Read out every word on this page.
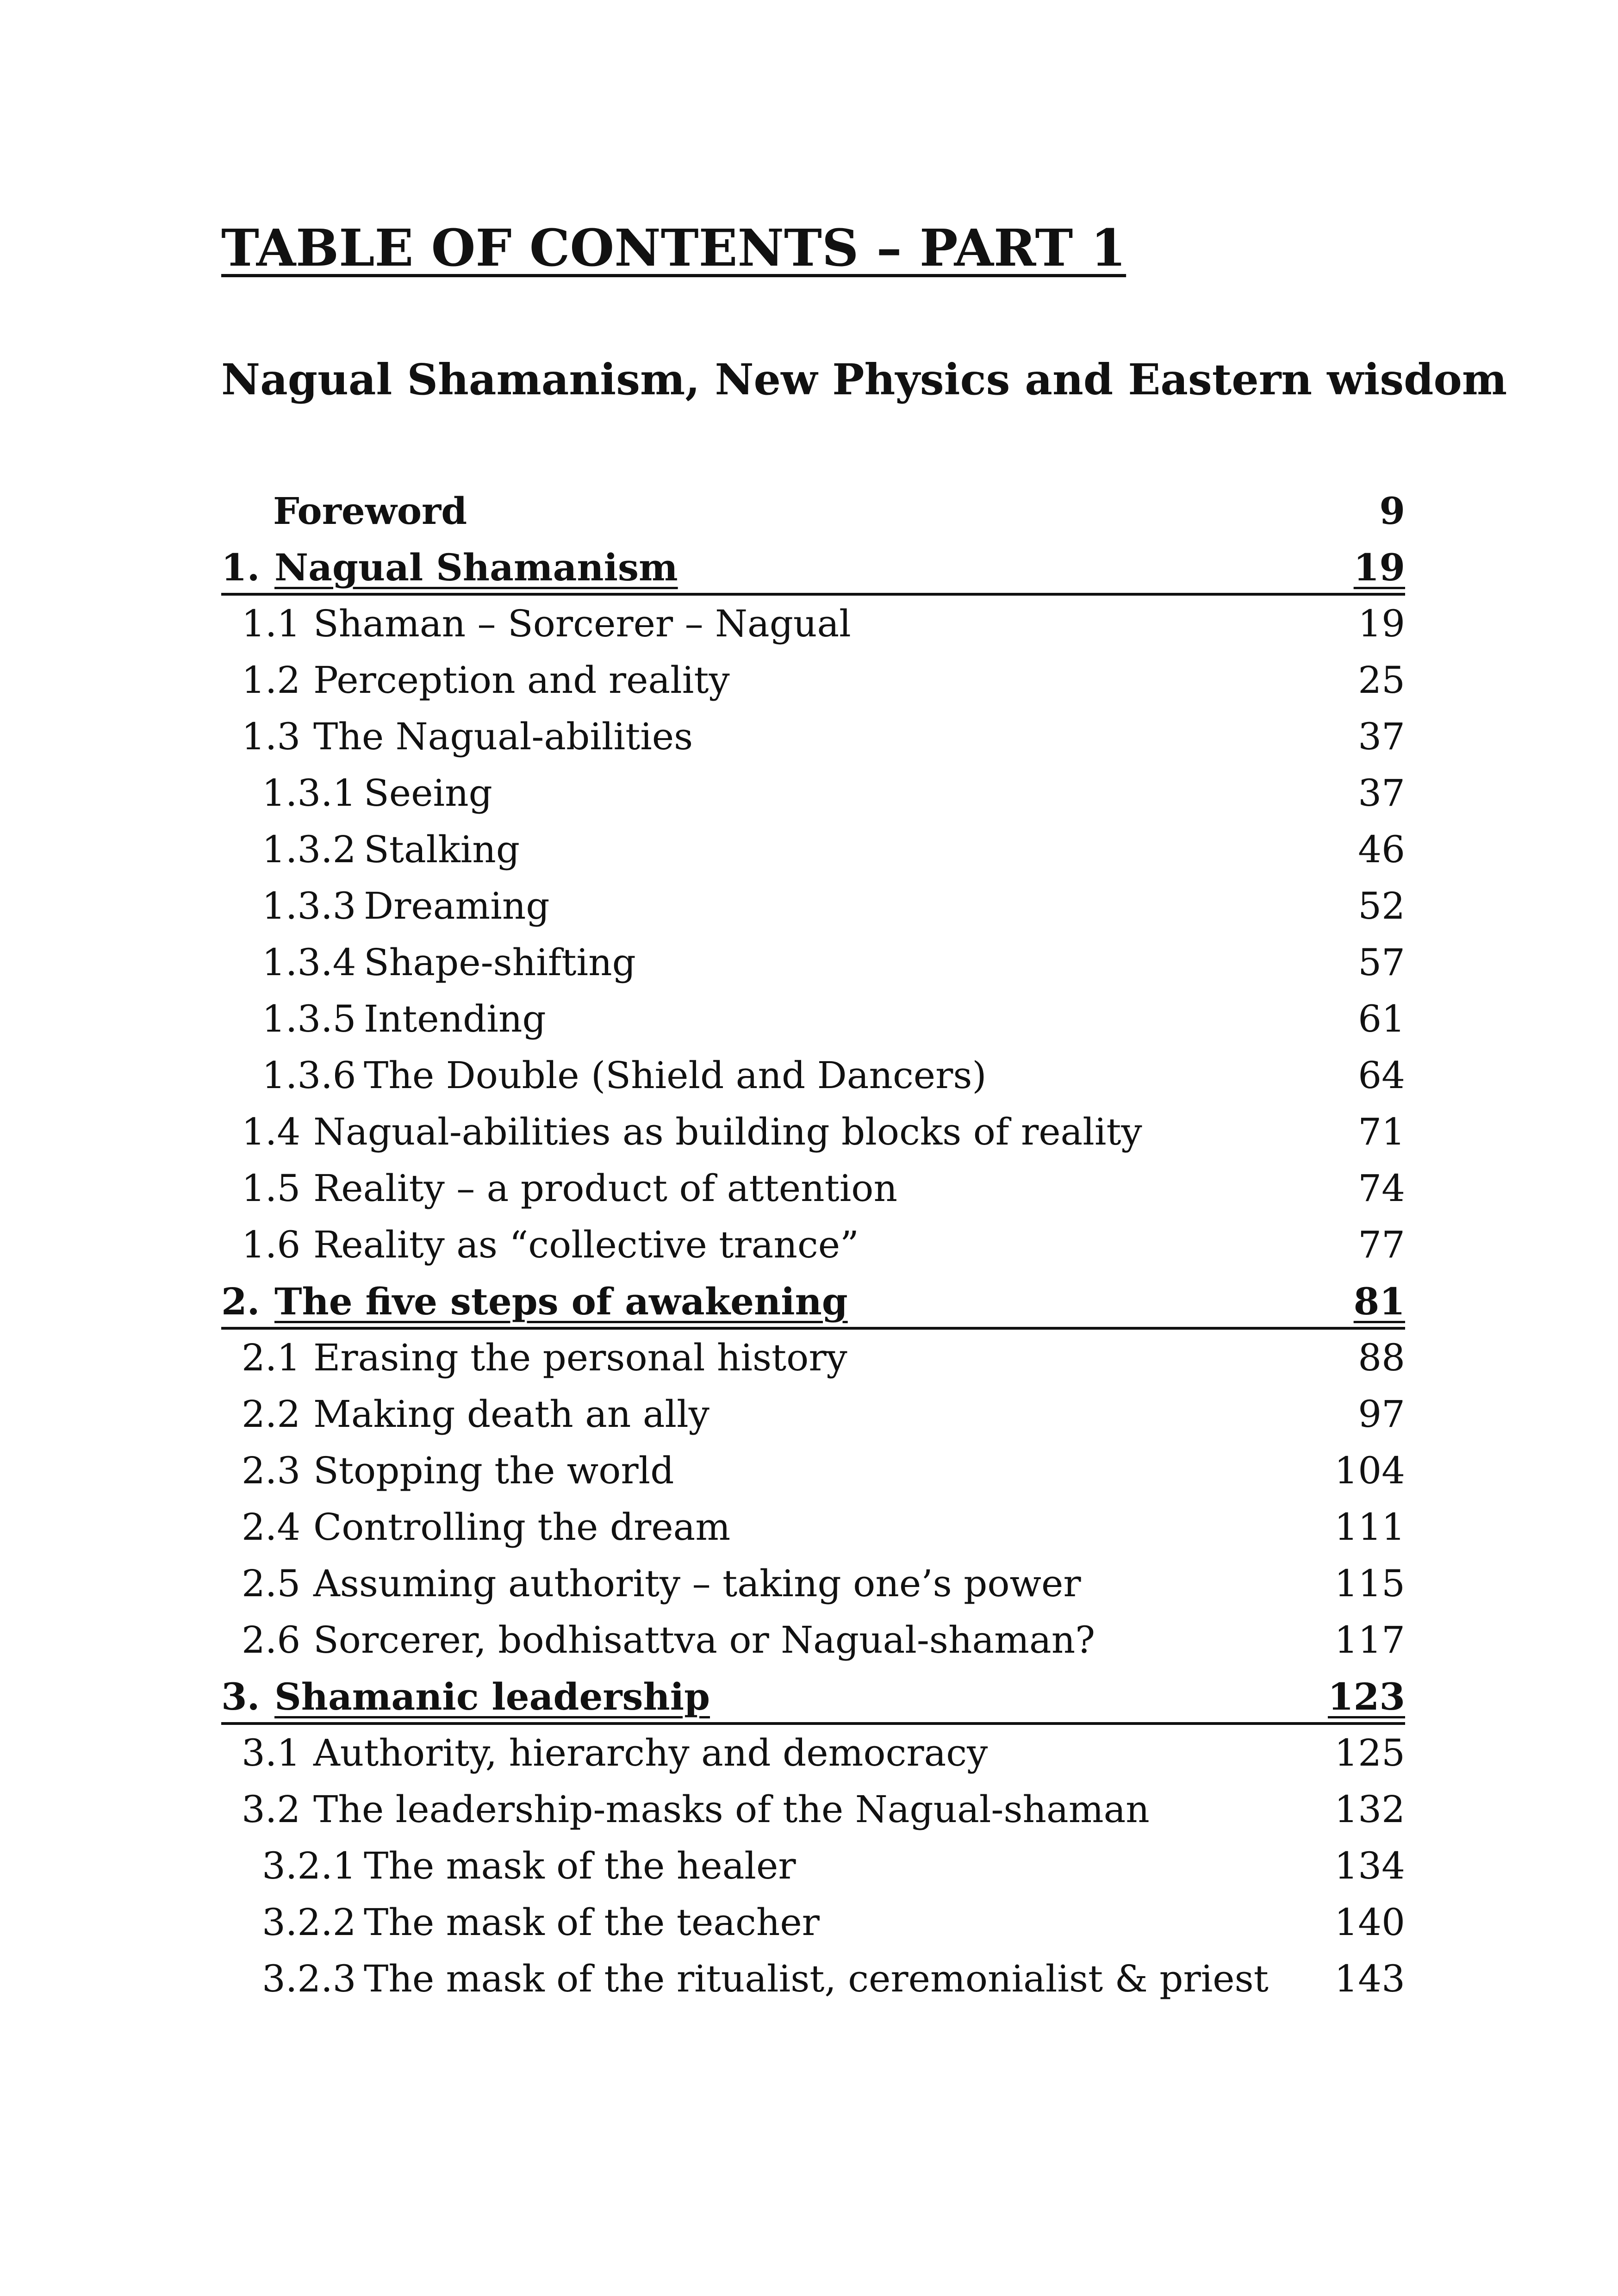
TABLE OF CONTENTS – PART 1
Nagual Shamanism, New Physics and Eastern wisdom
Foreword	9
1. Nagual Shamanism	19
1.1 Shaman – Sorcerer – Nagual	19
1.2 Perception and reality	25
1.3 The Nagual-abilities	37
1.3.1 Seeing	37
1.3.2 Stalking	46
1.3.3 Dreaming	52
1.3.4 Shape-shifting	57
1.3.5 Intending	61
1.3.6 The Double (Shield and Dancers)	64
1.4 Nagual-abilities as building blocks of reality	71
1.5 Reality – a product of attention	74
1.6 Reality as “collective trance”	77
2. The five steps of awakening	81
2.1 Erasing the personal history	88
2.2 Making death an ally	97
2.3 Stopping the world	104
2.4 Controlling the dream	111
2.5 Assuming authority – taking one’s power	115
2.6 Sorcerer, bodhisattva or Nagual-shaman?	117
3. Shamanic leadership	123
3.1 Authority, hierarchy and democracy	125
3.2 The leadership-masks of the Nagual-shaman	132
3.2.1 The mask of the healer	134
3.2.2 The mask of the teacher	140
3.2.3 The mask of the ritualist, ceremonialist & priest 143
